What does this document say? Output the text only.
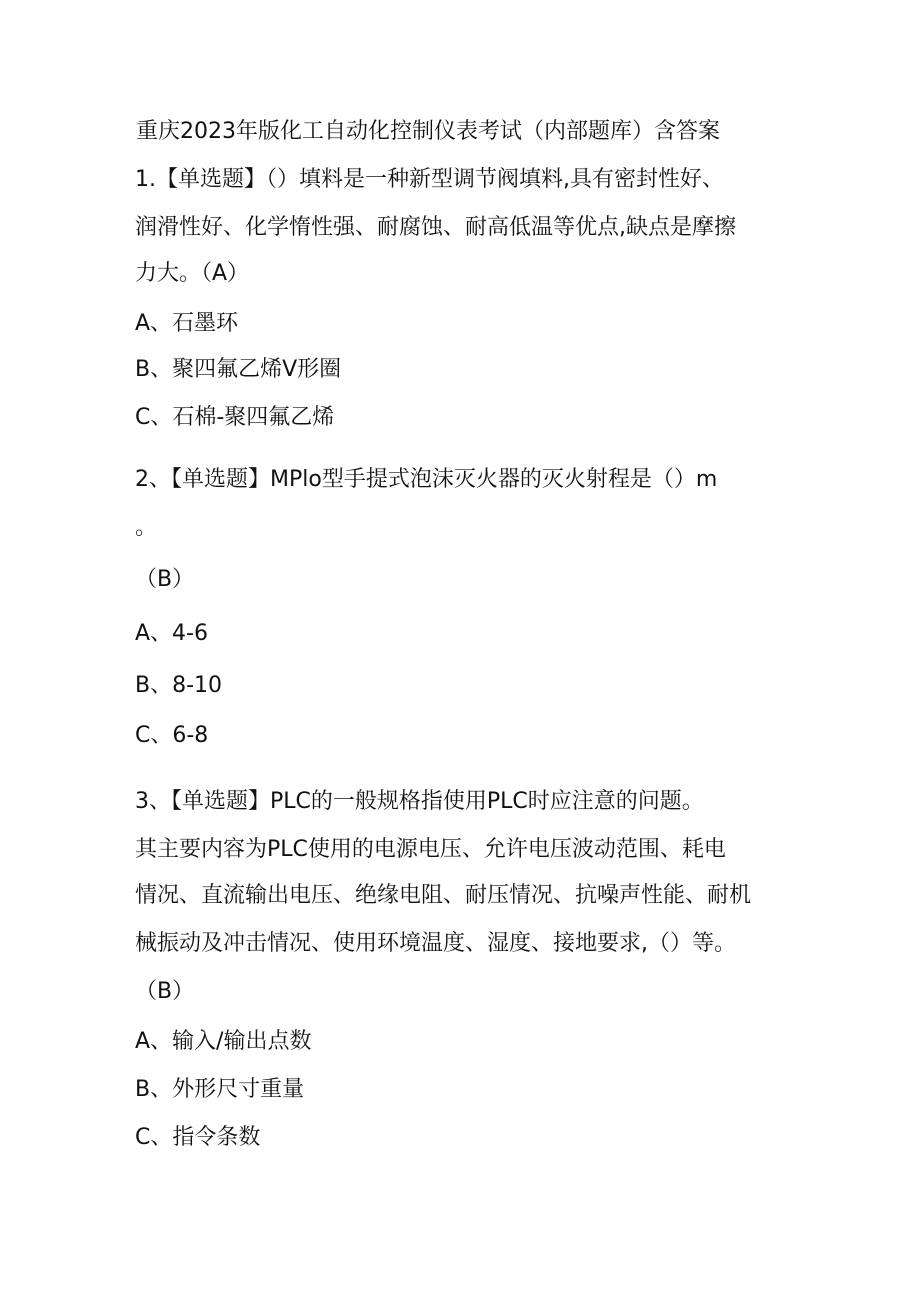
重庆2023年版化工自动化控制仪表考试（内部题库）含答案
1.【单选题】（）填料是一种新型调节阀填料,具有密封性好、
润滑性好、化学惰性强、耐腐蚀、耐高低温等优点,缺点是摩擦
力大。（A）
A、石墨环
B、聚四氟乙烯V形圈
C、石棉-聚四氟乙烯
2、【单选题】MPlo型手提式泡沫灭火器的灭火射程是（）m
。
（B）
A、4-6
B、8-10
C、6-8
3、【单选题】PLC的一般规格指使用PLC时应注意的问题。
其主要内容为PLC使用的电源电压、允许电压波动范围、耗电
情况、直流输出电压、绝缘电阻、耐压情况、抗噪声性能、耐机
械振动及冲击情况、使用环境温度、湿度、接地要求,（）等。
（B）
A、输入/输出点数
B、外形尺寸重量
C、指令条数
